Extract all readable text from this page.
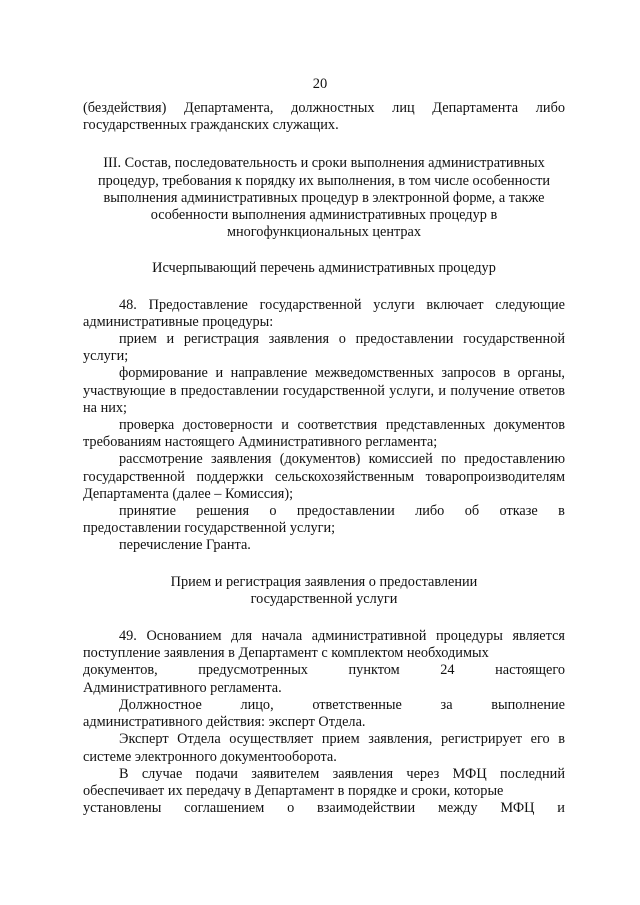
20

(бездействия) Департамента, должностных лиц Департамента либо государственных гражданских служащих.

III. Состав, последовательность и сроки выполнения административных

процедур, требования к порядку их выполнения, в том числе особенности

выполнения административных процедур в электронной форме, а также

особенности выполнения административных процедур в

многофункциональных центрах

Исчерпывающий перечень административных процедур

48. Предоставление государственной услуги включает следующие административные процедуры:

прием и регистрация заявления о предоставлении государственной услуги;

формирование и направление межведомственных запросов в органы, участвующие в предоставлении государственной услуги, и получение ответов на них;

проверка достоверности и соответствия представленных документов требованиям настоящего Административного регламента;

рассмотрение заявления (документов) комиссией по предоставлению государственной поддержки сельскохозяйственным товаропроизводителям Департамента (далее – Комиссия);

принятие решения о предоставлении либо об отказе в

предоставлении государственной услуги;

перечисление Гранта.

Прием и регистрация заявления о предоставлении

государственной услуги

49. Основанием для начала административной процедуры является поступление заявления в Департамент с комплектом необходимых

документов,	предусмотренных	пунктом	24	настоящего

Административного регламента.

Должностное	лицо,	ответственные	за	выполнение

административного действия: эксперт Отдела.

Эксперт Отдела осуществляет прием заявления, регистрирует его в системе электронного документооборота.

В случае подачи заявителем заявления через МФЦ последний обеспечивает их передачу в Департамент в порядке и сроки, которые

установлены соглашением о взаимодействии между МФЦ и
